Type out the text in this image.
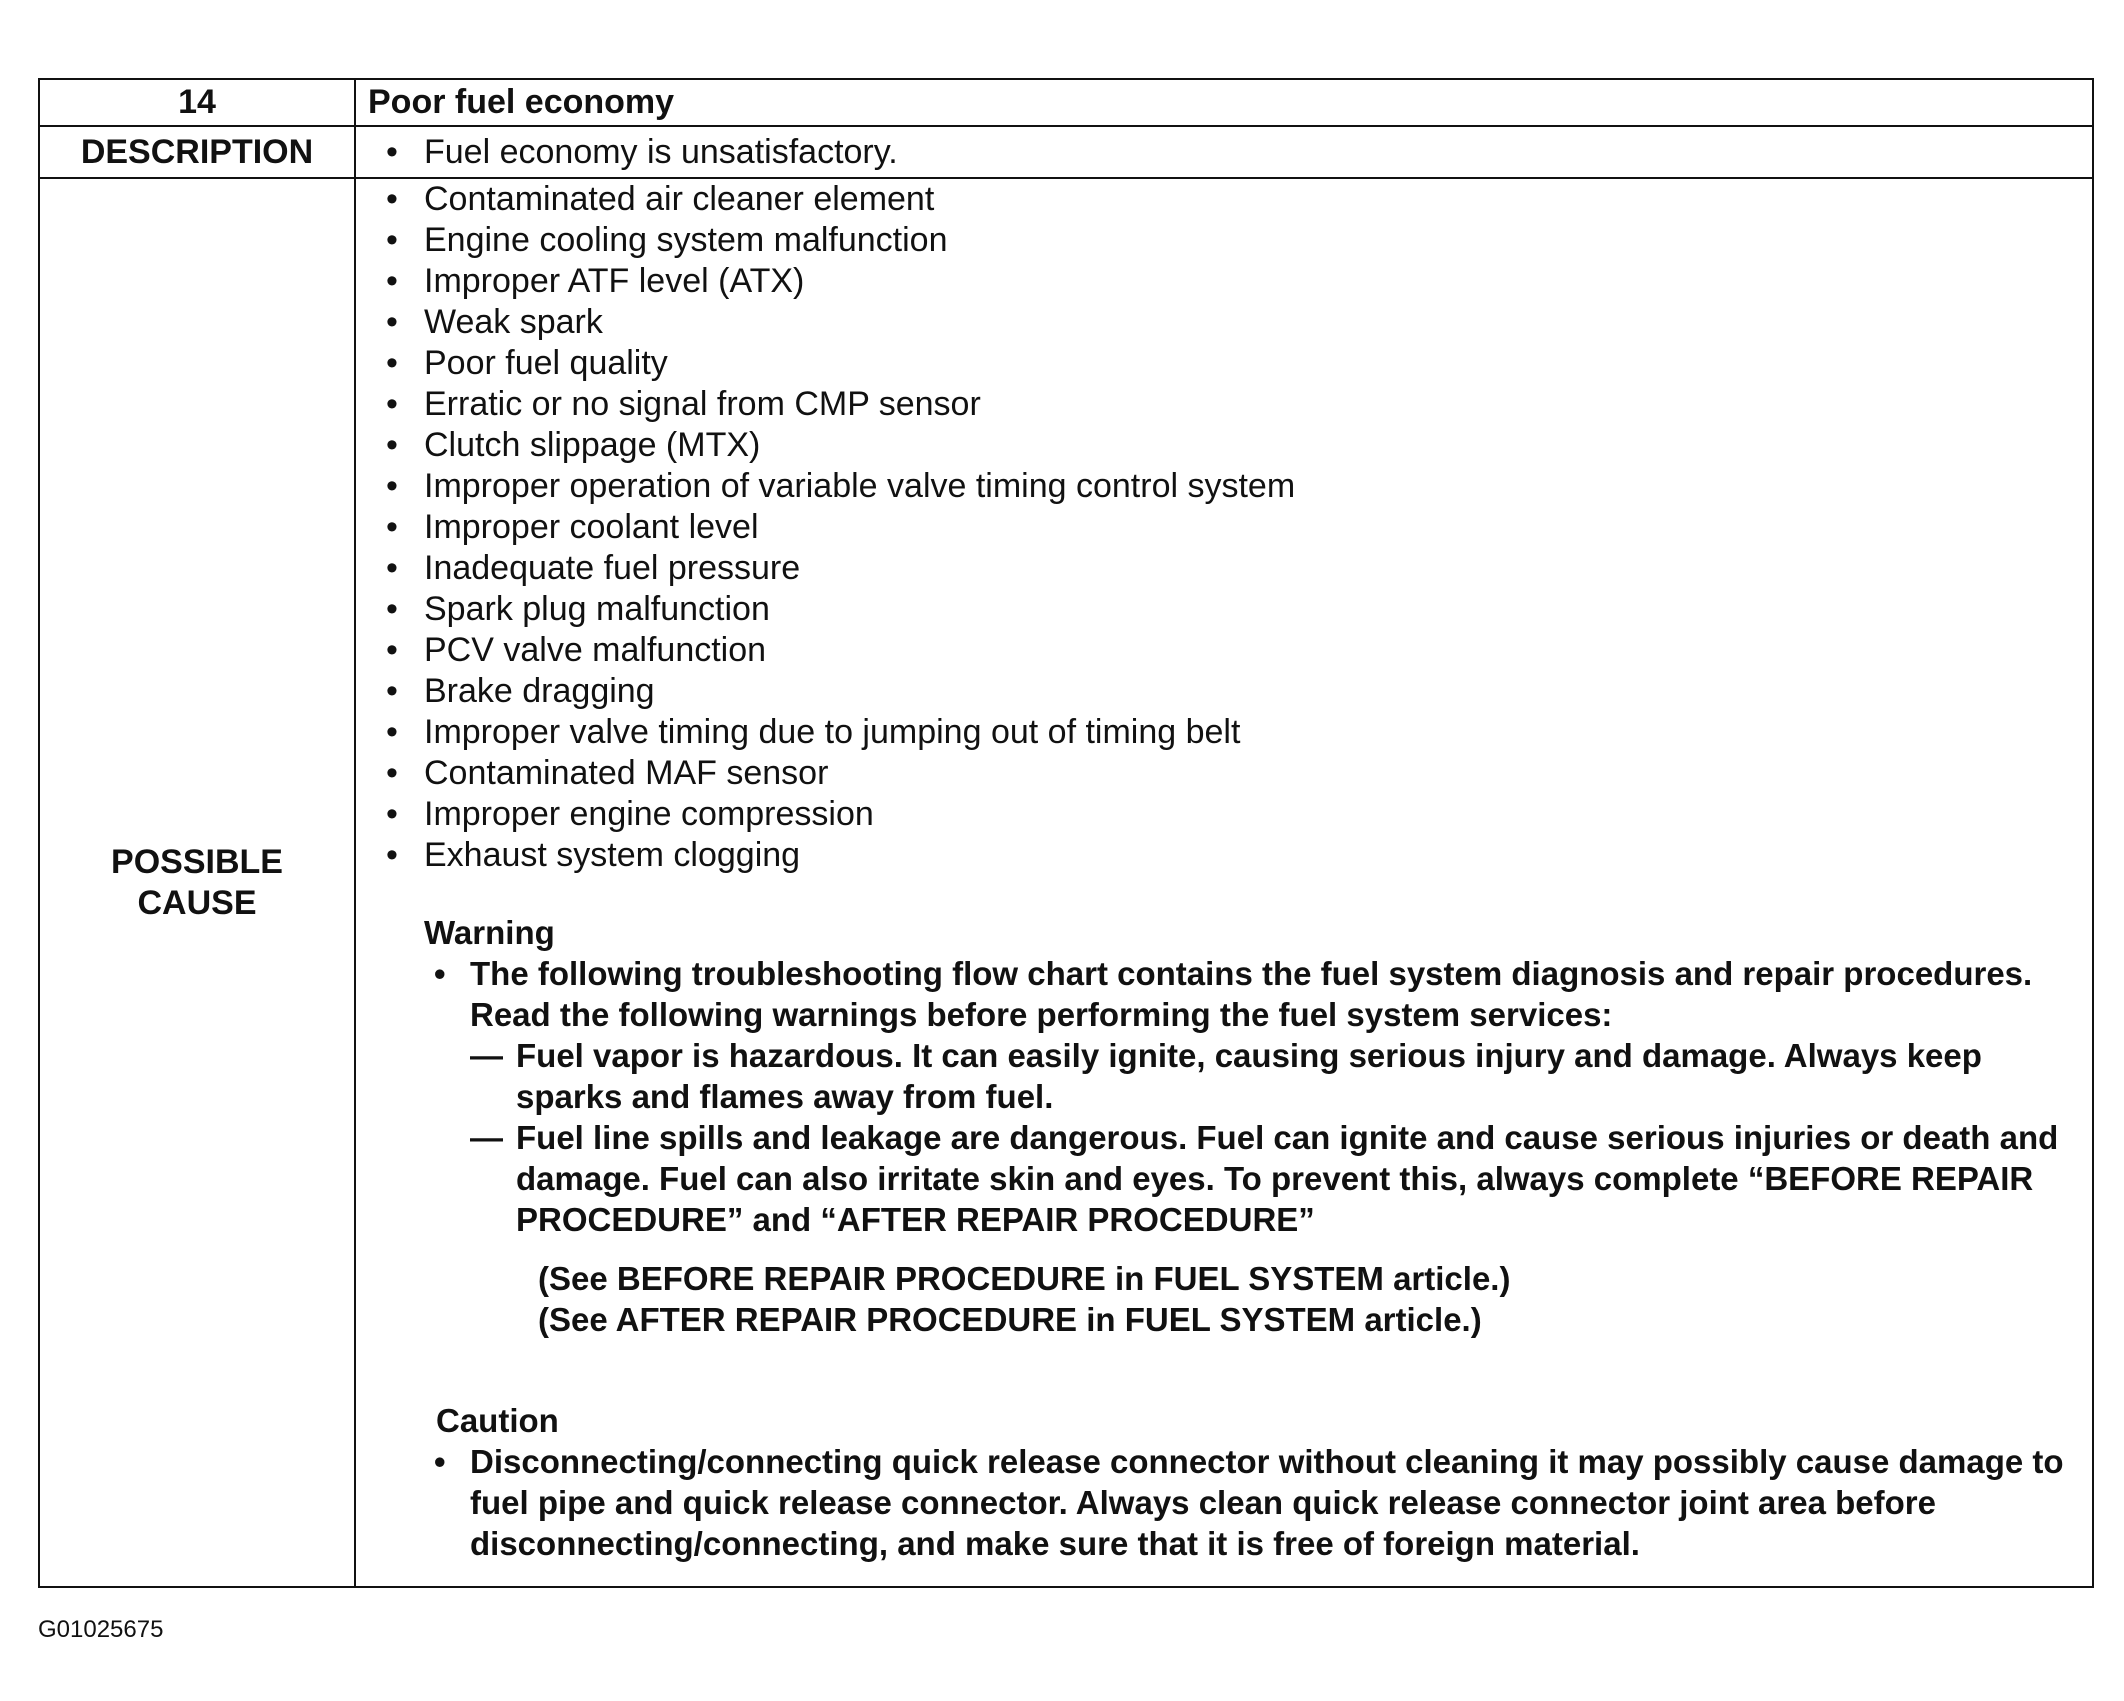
14	Poor fuel economy
DESCRIPTION	• Fuel economy is unsatisfactory.
POSSIBLE
CAUSE
• Contaminated air cleaner element
• Engine cooling system malfunction
• Improper ATF level (ATX)
• Weak spark
• Poor fuel quality
• Erratic or no signal from CMP sensor
• Clutch slippage (MTX)
• Improper operation of variable valve timing control system
• Improper coolant level
• Inadequate fuel pressure
• Spark plug malfunction
• PCV valve malfunction
• Brake dragging
• Improper valve timing due to jumping out of timing belt
• Contaminated MAF sensor
• Improper engine compression
• Exhaust system clogging
Warning
• The following troubleshooting flow chart contains the fuel system diagnosis and repair procedures. Read the following warnings before performing the fuel system services:
— Fuel vapor is hazardous. It can easily ignite, causing serious injury and damage. Always keep sparks and flames away from fuel.
— Fuel line spills and leakage are dangerous. Fuel can ignite and cause serious injuries or death and damage. Fuel can also irritate skin and eyes. To prevent this, always complete “BEFORE REPAIR PROCEDURE” and “AFTER REPAIR PROCEDURE”
(See BEFORE REPAIR PROCEDURE in FUEL SYSTEM article.)
(See AFTER REPAIR PROCEDURE in FUEL SYSTEM article.)
Caution
• Disconnecting/connecting quick release connector without cleaning it may possibly cause damage to fuel pipe and quick release connector. Always clean quick release connector joint area before disconnecting/connecting, and make sure that it is free of foreign material.
G01025675
